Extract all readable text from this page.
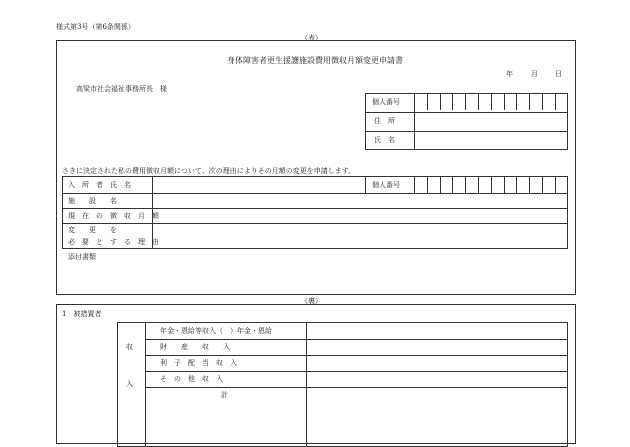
様式第3号（第6条関係）
（表）
身体障害者更生援護施設費用徴収月額変更申請書
年	月 日
高梁市社会福祉事務所長　様
個人番号
住　所
氏　名
さきに決定された私の費用徴収月額について、次の理由によりその月額の変更を申請します。
入　所　者　氏　名	個人番号
施　　設　　名
現　在　の　徴　収　月　額
変　　更　　を
必　要　と　す　る　理　由
添付書類
（裏）
1　被措置者
収
入
年金・恩給等収入（　）年金・恩給
財　　産　　収　　入
利　子　配　当　収　入
そ　の　他　収　入
計
